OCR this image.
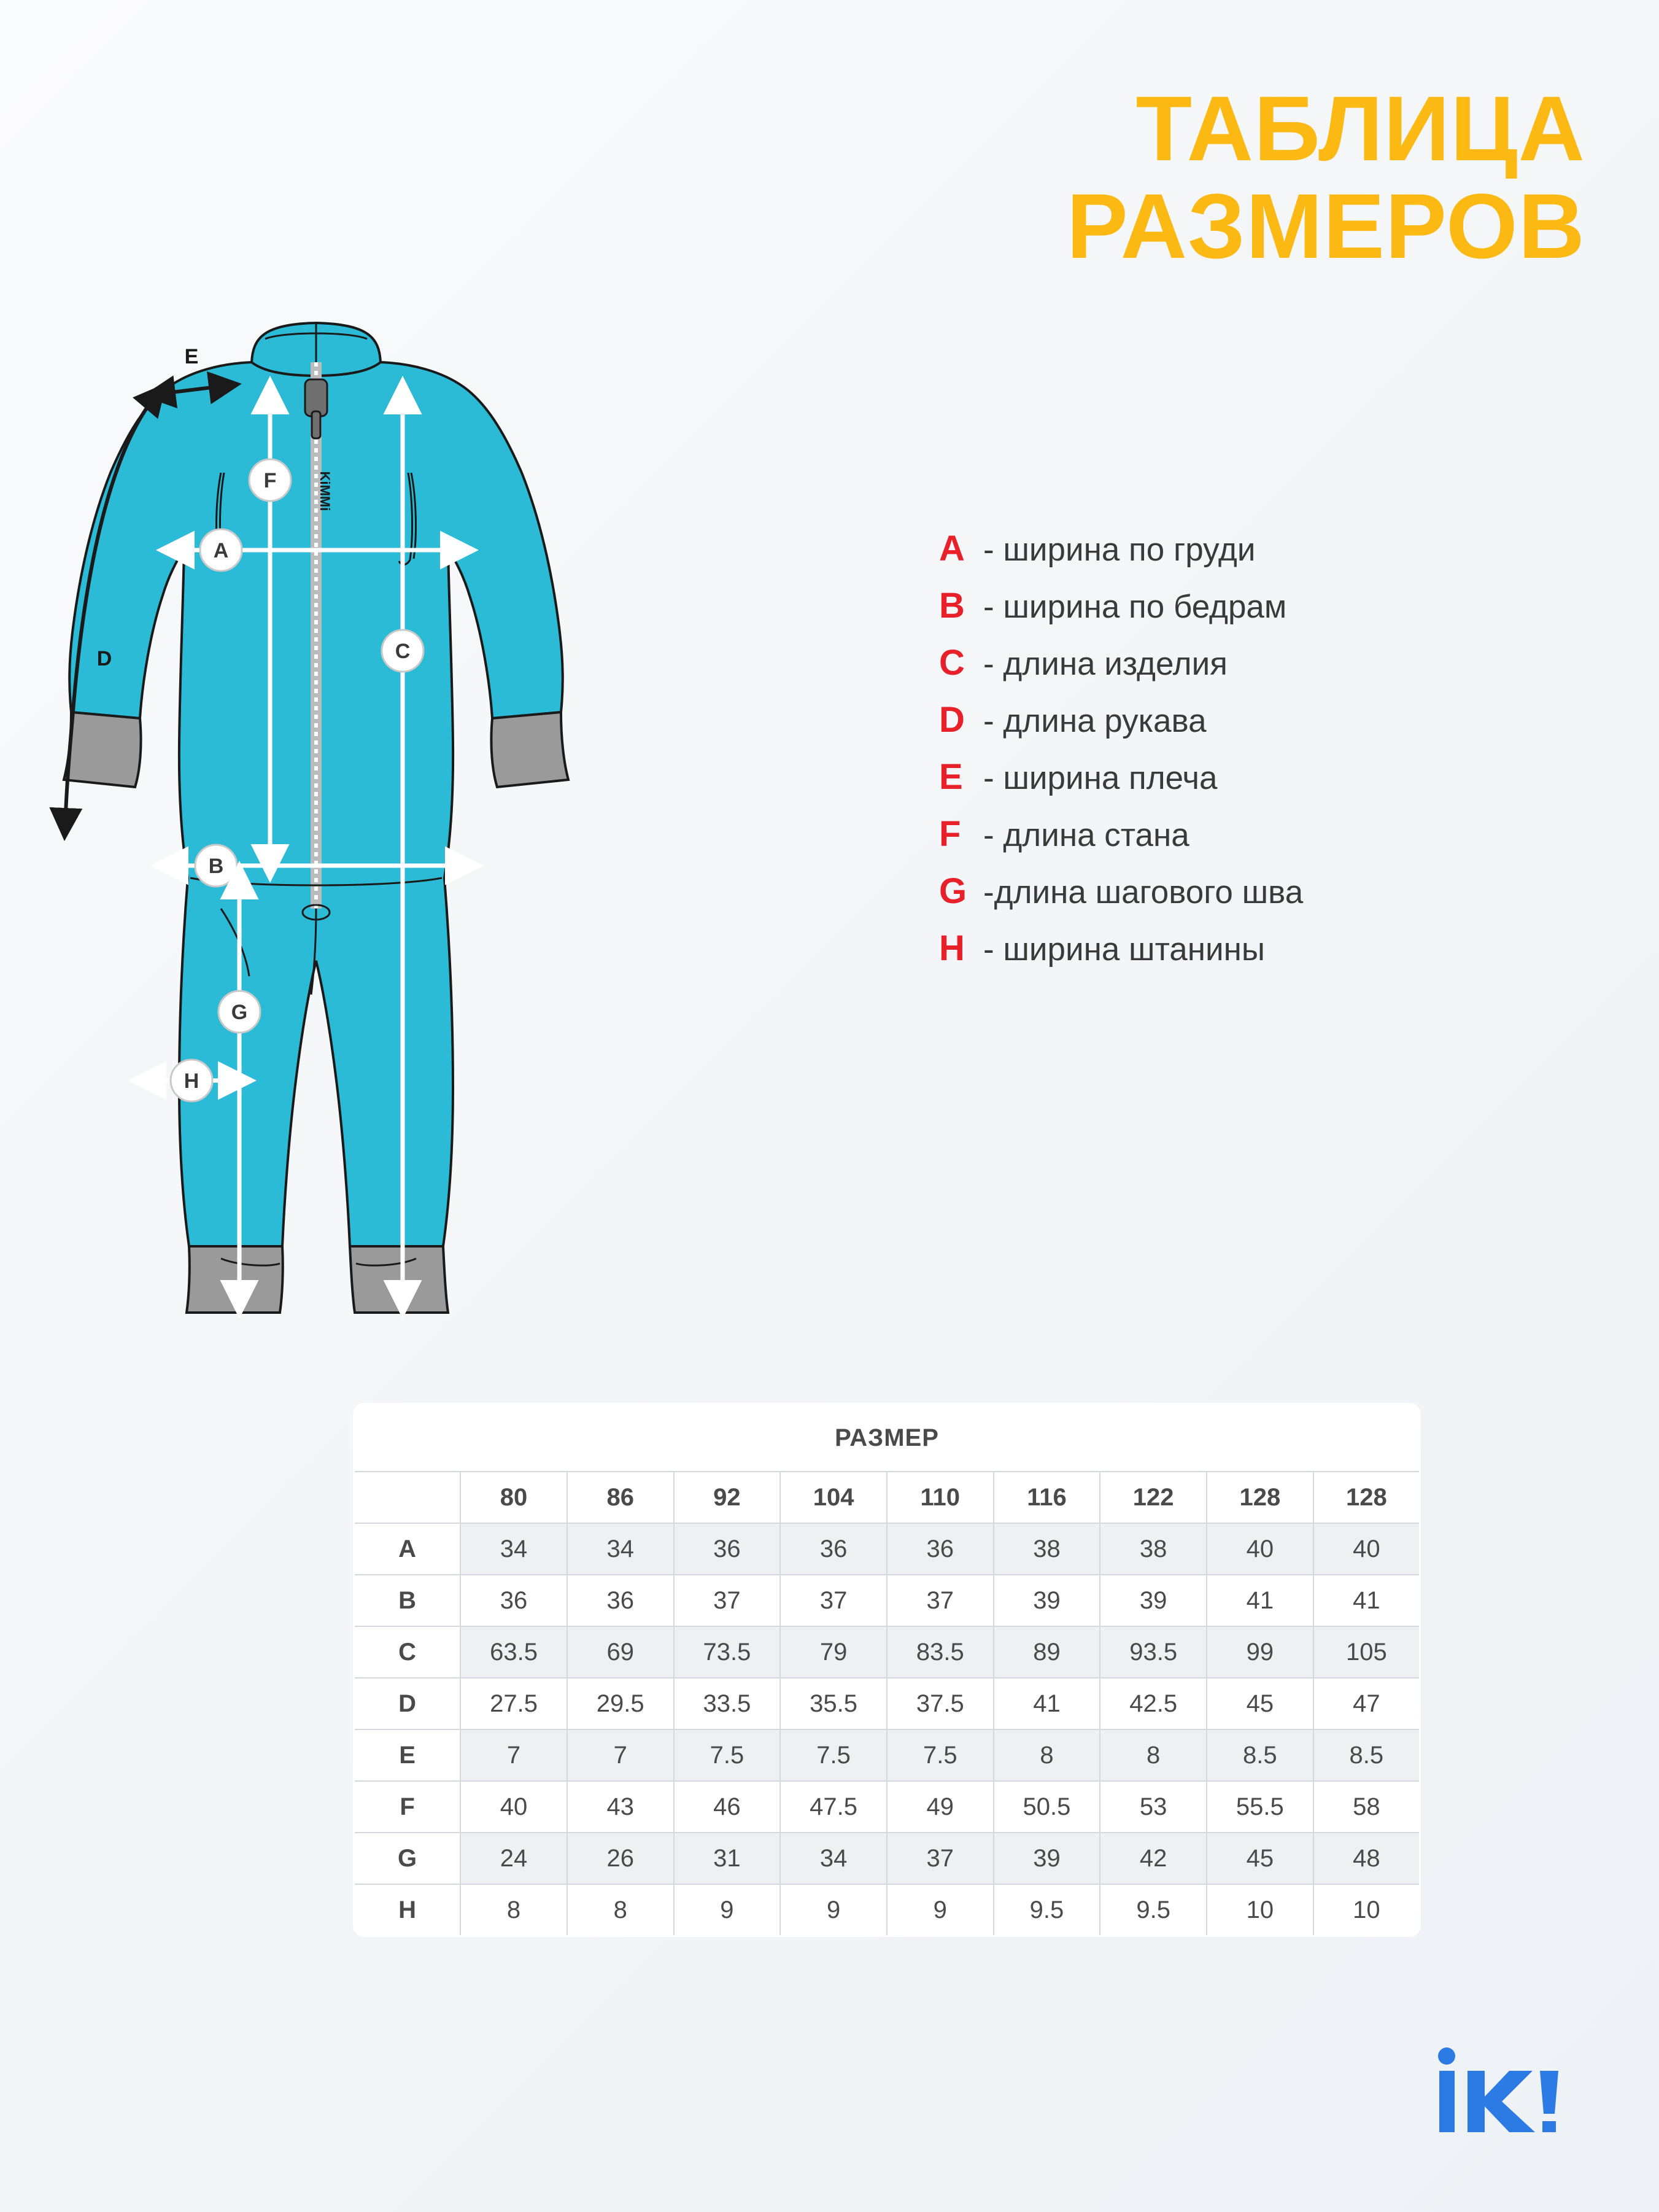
ТАБЛИЦА
РАЗМЕРОВ
KiMMi
E
D
A
B
C
F
G
H
A - ширина по груди
B - ширина по бедрам
C - длина изделия
D - длина рукава
E - ширина плеча
F - длина стана
G -длина шагового шва
H - ширина штанины
РАЗМЕР									
	80	86	92	104	110	116	122	128	128
A	34	34	36	36	36	38	38	40	40
B	36	36	37	37	37	39	39	41	41
C	63.5	69	73.5	79	83.5	89	93.5	99	105
D	27.5	29.5	33.5	35.5	37.5	41	42.5	45	47
E	7	7	7.5	7.5	7.5	8	8	8.5	8.5
F	40	43	46	47.5	49	50.5	53	55.5	58
G	24	26	31	34	37	39	42	45	48
H	8	8	9	9	9	9.5	9.5	10	10
